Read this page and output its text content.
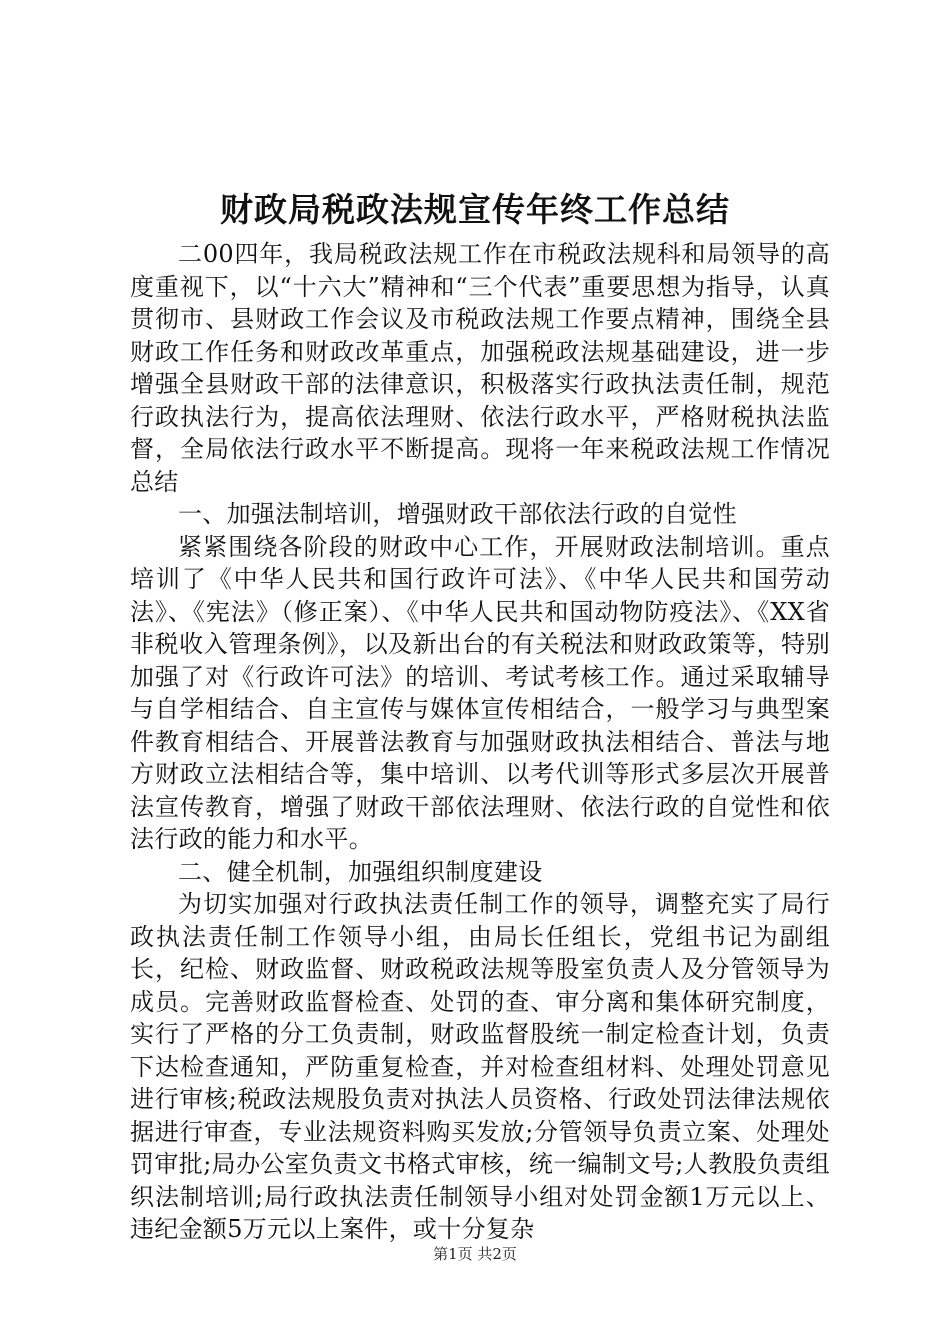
财政局税政法规宣传年终工作总结

二00四年，我局税政法规工作在市税政法规科和局领导的高度重视下，以“十六大”精神和“三个代表”重要思想为指导，认真贯彻市、县财政工作会议及市税政法规工作要点精神，围绕全县财政工作任务和财政改革重点，加强税政法规基础建设，进一步增强全县财政干部的法律意识，积极落实行政执法责任制，规范行政执法行为，提高依法理财、依法行政水平，严格财税执法监督，全局依法行政水平不断提高。现将一年来税政法规工作情况总结

一、加强法制培训，增强财政干部依法行政的自觉性

紧紧围绕各阶段的财政中心工作，开展财政法制培训。重点培训了《中华人民共和国行政许可法》、《中华人民共和国劳动法》、《宪法》（修正案）、《中华人民共和国动物防疫法》、《XX省非税收入管理条例》，以及新出台的有关税法和财政政策等，特别加强了对《行政许可法》的培训、考试考核工作。通过采取辅导与自学相结合、自主宣传与媒体宣传相结合，一般学习与典型案件教育相结合、开展普法教育与加强财政执法相结合、普法与地方财政立法相结合等，集中培训、以考代训等形式多层次开展普法宣传教育，增强了财政干部依法理财、依法行政的自觉性和依法行政的能力和水平。

二、健全机制，加强组织制度建设

为切实加强对行政执法责任制工作的领导，调整充实了局行政执法责任制工作领导小组，由局长任组长，党组书记为副组长，纪检、财政监督、财政税政法规等股室负责人及分管领导为成员。完善财政监督检查、处罚的查、审分离和集体研究制度，实行了严格的分工负责制，财政监督股统一制定检查计划，负责下达检查通知，严防重复检查，并对检查组材料、处理处罚意见进行审核;税政法规股负责对执法人员资格、行政处罚法律法规依据进行审查，专业法规资料购买发放;分管领导负责立案、处理处罚审批;局办公室负责文书格式审核，统一编制文号;人教股负责组织法制培训;局行政执法责任制领导小组对处罚金额1万元以上、违纪金额5万元以上案件，或十分复杂

第1页 共2页
